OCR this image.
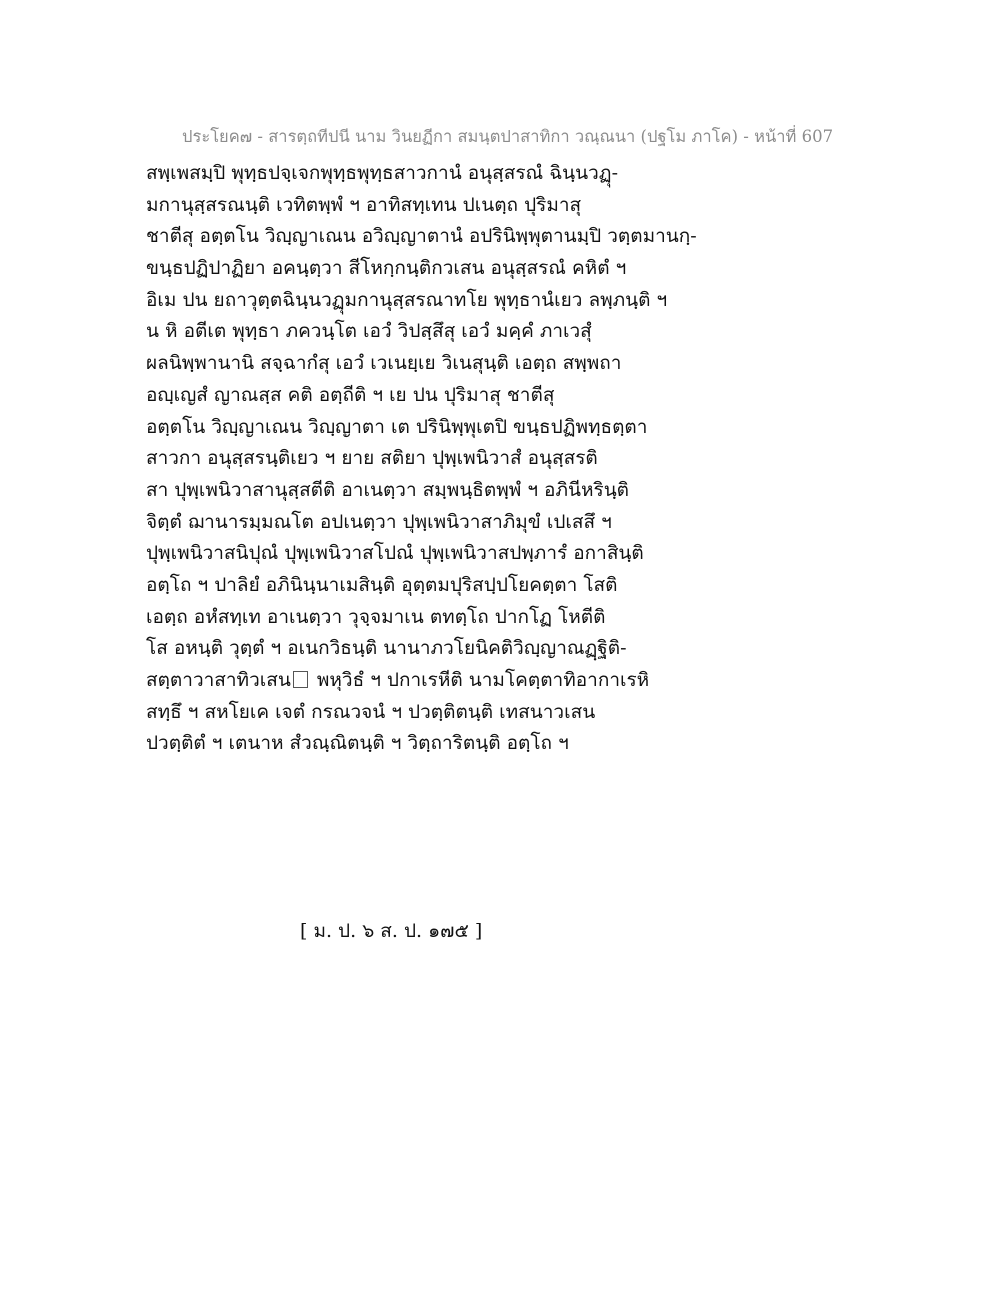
ประโยค๗ - สารตฺถทีปนี นาม วินยฏีกา สมนฺตปาสาทิกา วณฺณนา (ปฐโม ภาโค) - หน้าที่ 607
สพฺเพสมฺปิ พุทฺธปจฺเจกพุทฺธพุทฺธสาวกานํ อนุสฺสรณํ ฉินฺนวฏุ-
มกานุสฺสรณนฺติ เวทิตพฺพํ ฯ อาทิสทฺเทน ปเนตฺถ ปุริมาสุ
ชาตีสุ อตฺตโน วิญฺญาเณน อวิญฺญาตานํ อปรินิพฺพุตานมฺปิ วตฺตมานกฺ-
ขนฺธปฏิปาฏิยา อคนฺตฺวา สีโหกฺกนฺติกวเสน อนุสฺสรณํ คหิตํ ฯ
อิเม ปน ยถาวุตฺตฉินฺนวฏุมกานุสฺสรณาทโย พุทฺธานํเยว ลพฺภนฺติ ฯ
น หิ อตีเต พุทฺธา ภควนฺโต เอวํ วิปสฺสึสุ เอวํ มคฺคํ ภาเวสุํ
ผลนิพฺพานานิ สจฺฉากํสุ เอวํ เวเนยฺเย วิเนสุนฺติ เอตฺถ สพฺพถา
อญฺเญสํ ญาณสฺส คติ อตฺถีติ ฯ เย ปน ปุริมาสุ ชาตีสุ
อตฺตโน วิญฺญาเณน วิญฺญาตา เต ปรินิพฺพุเตปิ ขนฺธปฏิพทฺธตฺตา
สาวกา อนุสฺสรนฺติเยว ฯ ยาย สติยา ปุพฺเพนิวาสํ อนุสฺสรติ
สา ปุพฺเพนิวาสานุสฺสตีติ อาเนตฺวา สมฺพนฺธิตพฺพํ ฯ อภินีหรินฺติ
จิตฺตํ ฌานารมฺมณโต อปเนตฺวา ปุพฺเพนิวาสาภิมุขํ เปเสสึ ฯ
ปุพฺเพนิวาสนิปุณํ ปุพฺเพนิวาสโปณํ ปุพฺเพนิวาสปพฺภารํ อกาสินฺติ
อตฺโถ ฯ ปาลิยํ อภินินฺนาเมสินฺติ อุตฺตมปุริสปฺปโยคตฺตา โสติ
เอตฺถ อหํสทฺเท อาเนตฺวา วุจฺจมาเน ตทตฺโถ ปากโฏ โหตีติ
โส อหนฺติ วุตฺตํ ฯ อเนกวิธนฺติ นานาภวโยนิคติวิญฺญาณฏฺฐิติ-
สตฺตาวาสาทิวเสน พหุวิธํ ฯ ปกาเรหีติ นามโคตฺตาทิอากาเรหิ
สทฺธึ ฯ สหโยเค เจตํ กรณวจนํ ฯ ปวตฺติตนฺติ เทสนาวเสน
ปวตฺติตํ ฯ เตนาห สํวณฺณิตนฺติ ฯ วิตฺถาริตนฺติ อตฺโถ ฯ
[ ม. ป. ๖ ส. ป. ๑๗๕ ]
